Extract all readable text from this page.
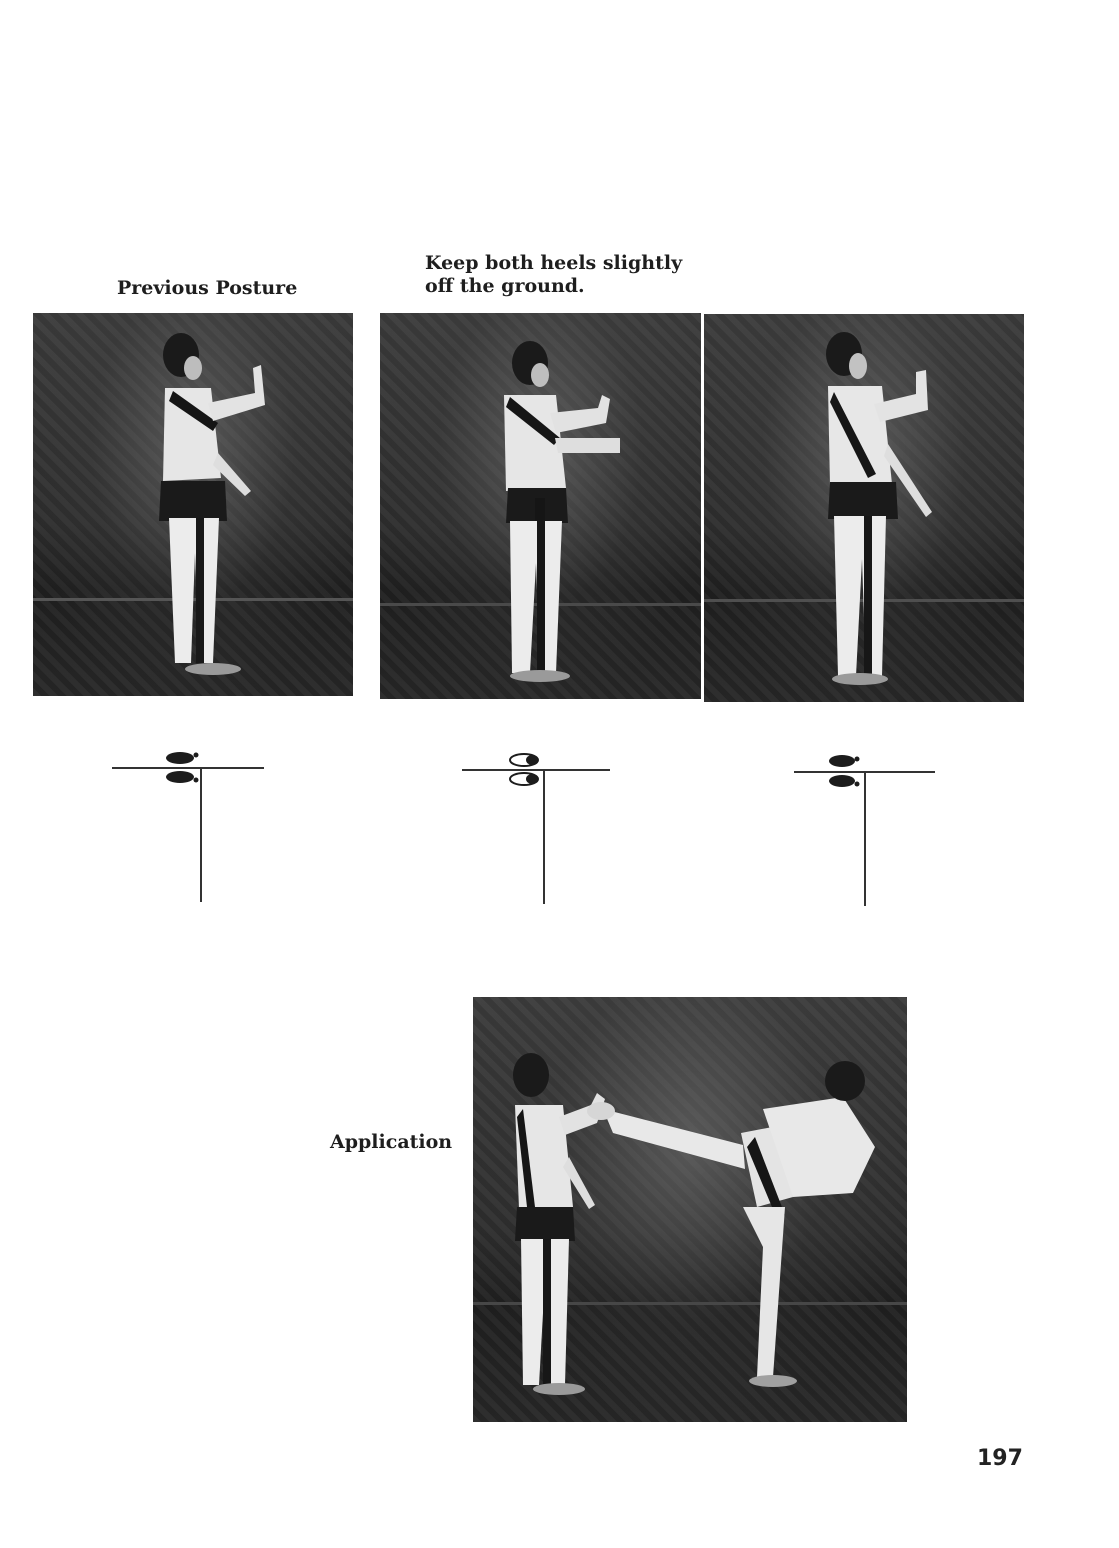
Previous Posture
Keep both heels slightly
off the ground.
Application
197
